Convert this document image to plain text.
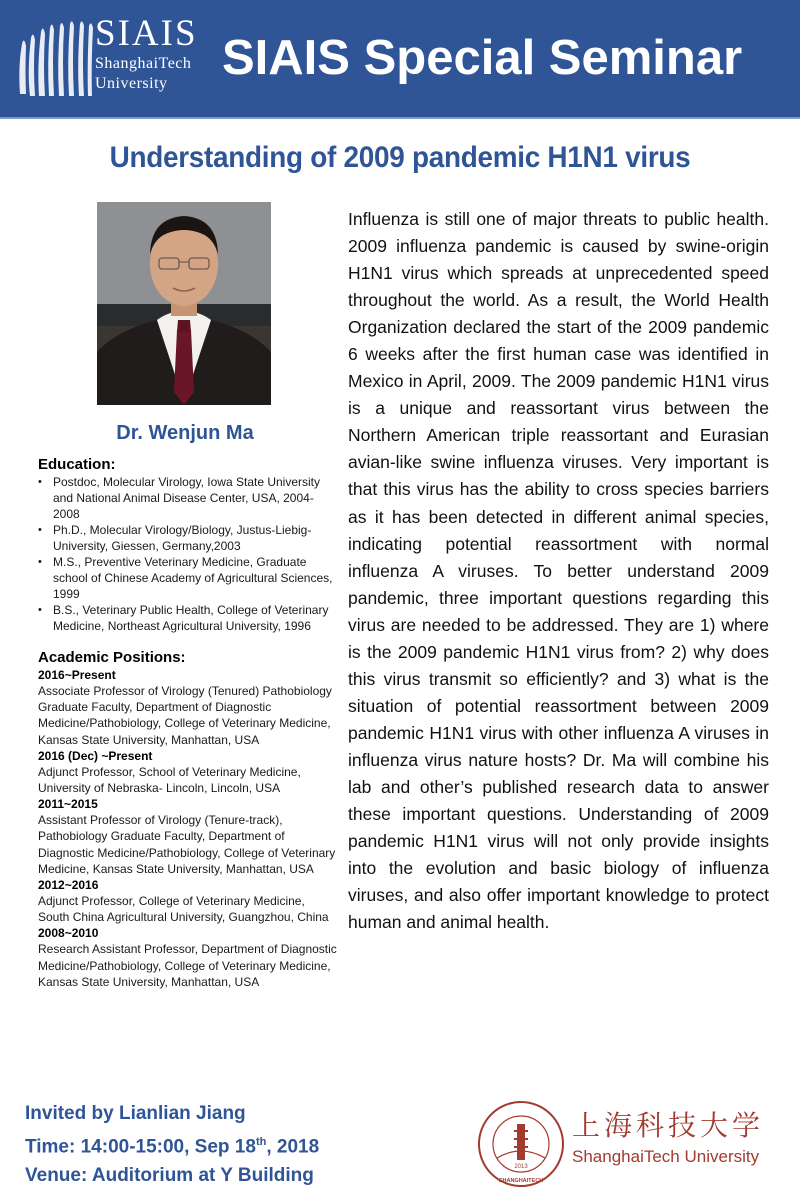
SIAIS
ShanghaiTech
University	SIAIS Special Seminar
Understanding of 2009 pandemic H1N1 virus
Dr. Wenjun Ma
Education:
• Postdoc, Molecular Virology, Iowa State University and National Animal Disease Center, USA, 2004-2008
• Ph.D., Molecular Virology/Biology, Justus-Liebig-University, Giessen, Germany,2003
• M.S., Preventive Veterinary Medicine, Graduate school of Chinese Academy of Agricultural Sciences, 1999
• B.S., Veterinary Public Health, College of Veterinary Medicine, Northeast Agricultural University, 1996
Academic Positions:
2016~Present
Associate Professor of Virology (Tenured) Pathobiology Graduate Faculty, Department of Diagnostic Medicine/Pathobiology, College of Veterinary Medicine, Kansas State University, Manhattan, USA
2016 (Dec) ~Present
Adjunct Professor, School of Veterinary Medicine, University of Nebraska- Lincoln, Lincoln, USA
2011~2015
Assistant Professor of Virology (Tenure-track), Pathobiology Graduate Faculty, Department of Diagnostic Medicine/Pathobiology, College of Veterinary Medicine, Kansas State University, Manhattan, USA
2012~2016
Adjunct Professor, College of Veterinary Medicine, South China Agricultural University, Guangzhou, China
2008~2010
Research Assistant Professor, Department of Diagnostic Medicine/Pathobiology, College of Veterinary Medicine, Kansas State University, Manhattan, USA
Influenza is still one of major threats to public health. 2009 influenza pandemic is caused by swine-origin H1N1 virus which spreads at unprecedented speed throughout the world. As a result, the World Health Organization declared the start of the 2009 pandemic 6 weeks after the first human case was identified in Mexico in April, 2009. The 2009 pandemic H1N1 virus is a unique and reassortant virus between the Northern American triple reassortant and Eurasian avian-like swine influenza viruses. Very important is that this virus has the ability to cross species barriers as it has been detected in different animal species, indicating potential reassortment with normal influenza A viruses. To better understand 2009 pandemic, three important questions regarding this virus are needed to be addressed. They are 1) where is the 2009 pandemic H1N1 virus from? 2) why does this virus transmit so efficiently? and 3) what is the situation of potential reassortment between 2009 pandemic H1N1 virus with other influenza A viruses in influenza virus nature hosts? Dr. Ma will combine his lab and other’s published research data to answer these important questions. Understanding of 2009 pandemic H1N1 virus will not only provide insights into the evolution and basic biology of influenza viruses, and also offer important knowledge to protect human and animal health.
Invited by Lianlian Jiang
Time: 14:00-15:00, Sep 18th, 2018
Venue: Auditorium at Y Building	2013
SHANGHAITECH
上海科技大学
ShanghaiTech University
